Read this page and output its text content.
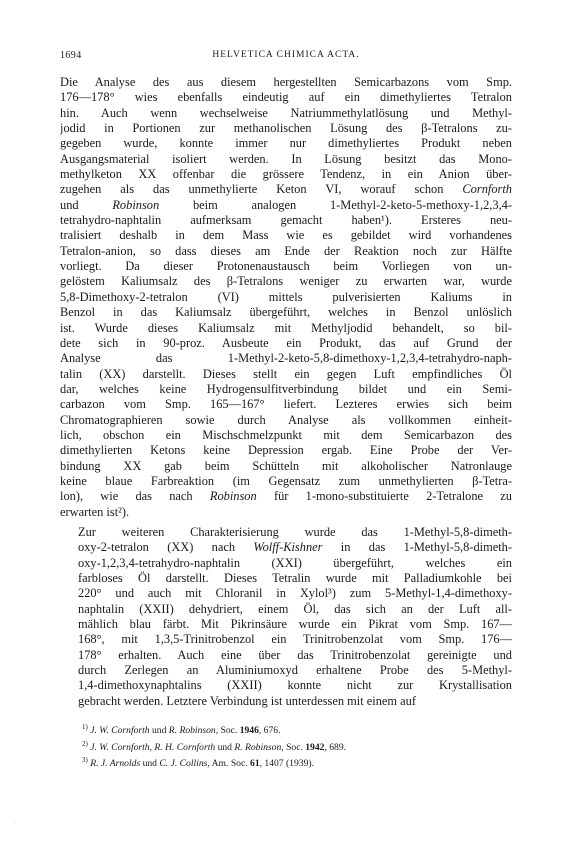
1694	HELVETICA CHIMICA ACTA.

Die Analyse des aus diesem hergestellten Semicarbazons vom Smp.
176—178° wies ebenfalls eindeutig auf ein dimethyliertes Tetralon
hin. Auch wenn wechselweise Natriummethylatlösung und Methyl-
jodid in Portionen zur methanolischen Lösung des β-Tetralons zu-
gegeben wurde, konnte immer nur dimethyliertes Produkt neben
Ausgangsmaterial isoliert werden. In Lösung besitzt das Mono-
methylketon XX offenbar die grössere Tendenz, in ein Anion über-
zugehen als das unmethylierte Keton VI, worauf schon Cornforth
und Robinson beim analogen 1-Methyl-2-keto-5-methoxy-1,2,3,4-
tetrahydro-naphtalin aufmerksam gemacht haben¹). Ersteres neu-
tralisiert deshalb in dem Mass wie es gebildet wird vorhandenes
Tetralon-anion, so dass dieses am Ende der Reaktion noch zur Hälfte
vorliegt. Da dieser Protonenaustausch beim Vorliegen von un-
gelöstem Kaliumsalz des β-Tetralons weniger zu erwarten war, wurde
5,8-Dimethoxy-2-tetralon (VI) mittels pulverisierten Kaliums in
Benzol in das Kaliumsalz übergeführt, welches in Benzol unlöslich
ist. Wurde dieses Kaliumsalz mit Methyljodid behandelt, so bil-
dete sich in 90-proz. Ausbeute ein Produkt, das auf Grund der
Analyse das 1-Methyl-2-keto-5,8-dimethoxy-1,2,3,4-tetrahydro-naph-
talin (XX) darstellt. Dieses stellt ein gegen Luft empfindliches Öl
dar, welches keine Hydrogensulfitverbindung bildet und ein Semi-
carbazon vom Smp. 165—167° liefert. Lezteres erwies sich beim
Chromatographieren sowie durch Analyse als vollkommen einheit-
lich, obschon ein Mischschmelzpunkt mit dem Semicarbazon des
dimethylierten Ketons keine Depression ergab. Eine Probe der Ver-
bindung XX gab beim Schütteln mit alkoholischer Natronlauge
keine blaue Farbreaktion (im Gegensatz zum unmethylierten β-Tetra-
lon), wie das nach Robinson für 1-mono-substituierte 2-Tetralone zu
erwarten ist²).

Zur weiteren Charakterisierung wurde das 1-Methyl-5,8-dimeth-
oxy-2-tetralon (XX) nach Wolff-Kishner in das 1-Methyl-5,8-dimeth-
oxy-1,2,3,4-tetrahydro-naphtalin (XXI) übergeführt, welches ein
farbloses Öl darstellt. Dieses Tetralin wurde mit Palladiumkohle bei
220° und auch mit Chloranil in Xylol³) zum 5-Methyl-1,4-dimethoxy-
naphtalin (XXII) dehydriert, einem Öl, das sich an der Luft all-
mählich blau färbt. Mit Pikrinsäure wurde ein Pikrat vom Smp. 167—
168°, mit 1,3,5-Trinitrobenzol ein Trinitrobenzolat vom Smp. 176—
178° erhalten. Auch eine über das Trinitrobenzolat gereinigte und
durch Zerlegen an Aluminiumoxyd erhaltene Probe des 5-Methyl-
1,4-dimethoxynaphtalins (XXII) konnte nicht zur Krystallisation
gebracht werden. Letztere Verbindung ist unterdessen mit einem auf

$^{1)}$ J. W. Cornforth und R. Robinson, Soc. 1946, 676.
$^{2)}$ J. W. Cornforth, R. H. Cornforth und R. Robinson, Soc. 1942, 689.
$^{3)}$ R. J. Arnolds und C. J. Collins, Am. Soc. 61, 1407 (1939).
·
